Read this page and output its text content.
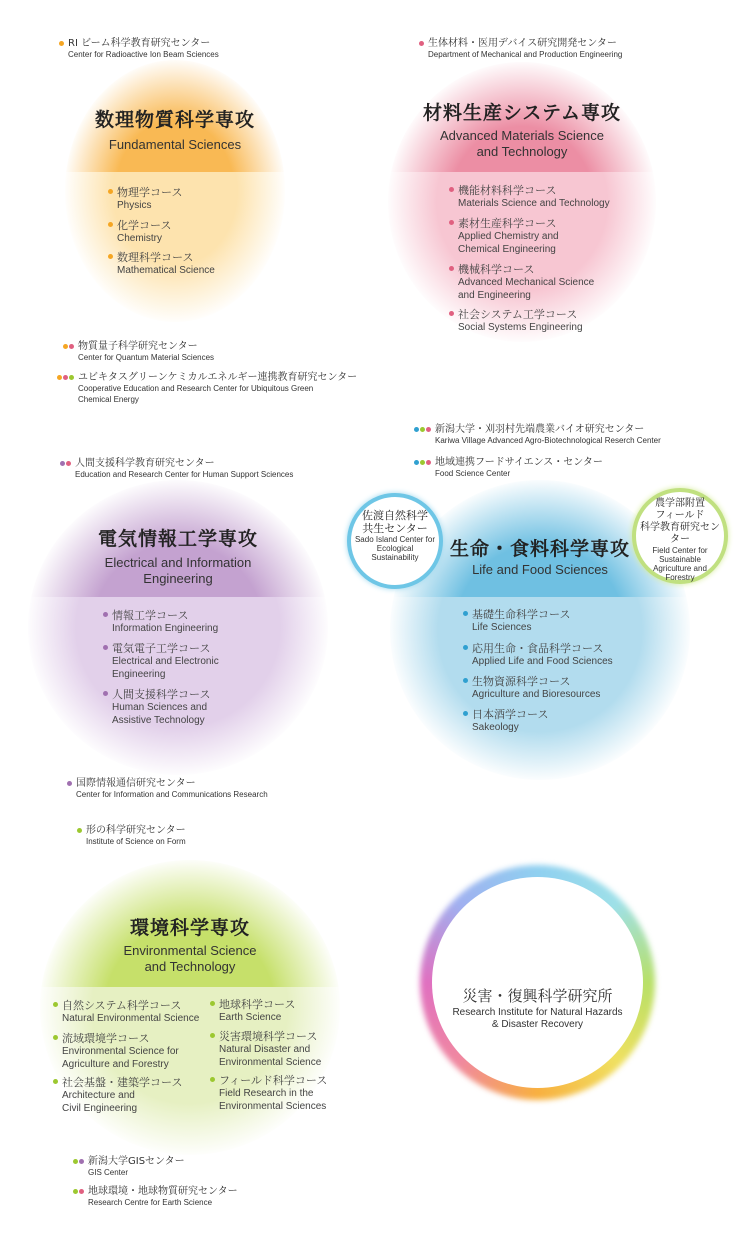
RI ビーム科学教育研究センター
Center for Radioactive Ion Beam Sciences
数理物質科学専攻
Fundamental Sciences
物理学コース
Physics
化学コース
Chemistry
数理科学コース
Mathematical Science
物質量子科学研究センター
Center for Quantum Material Sciences
ユビキタスグリーンケミカルエネルギー連携教育研究センター
Cooperative Education and Research Center for Ubiquitous Green
Chemical Energy
生体材料・医用デバイス研究開発センター
Department of Mechanical and Production Engineering
材料生産システム専攻
Advanced Materials Science
and Technology
機能材料科学コース
Materials Science and Technology
素材生産科学コース
Applied Chemistry and
Chemical Engineering
機械科学コース
Advanced Mechanical Science
and Engineering
社会システム工学コース
Social Systems Engineering
新潟大学・刈羽村先端農業バイオ研究センター
Kariwa Village Advanced Agro-Biotechnological Reserch Center
地域連携フードサイエンス・センター
Food Science Center
人間支援科学教育研究センター
Education and Research Center for Human Support Sciences
電気情報工学専攻
Electrical and Information
Engineering
情報工学コース
Information Engineering
電気電子工学コース
Electrical and Electronic
Engineering
人間支援科学コース
Human Sciences and
Assistive Technology
国際情報通信研究センター
Center for Information and Communications Research
形の科学研究センター
Institute of Science on Form
生命・食料科学専攻
Life and Food Sciences
佐渡自然科学
共生センター
Sado Island Center for
Ecological
Sustainability
農学部附置
フィールド
科学教育研究センター
Field Center for
Sustainable
Agriculture and
Forestry
基礎生命科学コース
Life Sciences
応用生命・食品科学コース
Applied Life and Food Sciences
生物資源科学コース
Agriculture and Bioresources
日本酒学コース
Sakeology
環境科学専攻
Environmental Science
and Technology
自然システム科学コース
Natural Environmental Science
流域環境学コース
Environmental Science for
Agriculture and Forestry
社会基盤・建築学コース
Architecture and
Civil Engineering
地球科学コース
Earth Science
災害環境科学コース
Natural Disaster and
Environmental Science
フィールド科学コース
Field Research in the
Environmental Sciences
新潟大学GISセンター
GIS Center
地球環境・地球物質研究センター
Research Centre for Earth Science
災害・復興科学研究所
Research Institute for Natural Hazards
& Disaster Recovery
